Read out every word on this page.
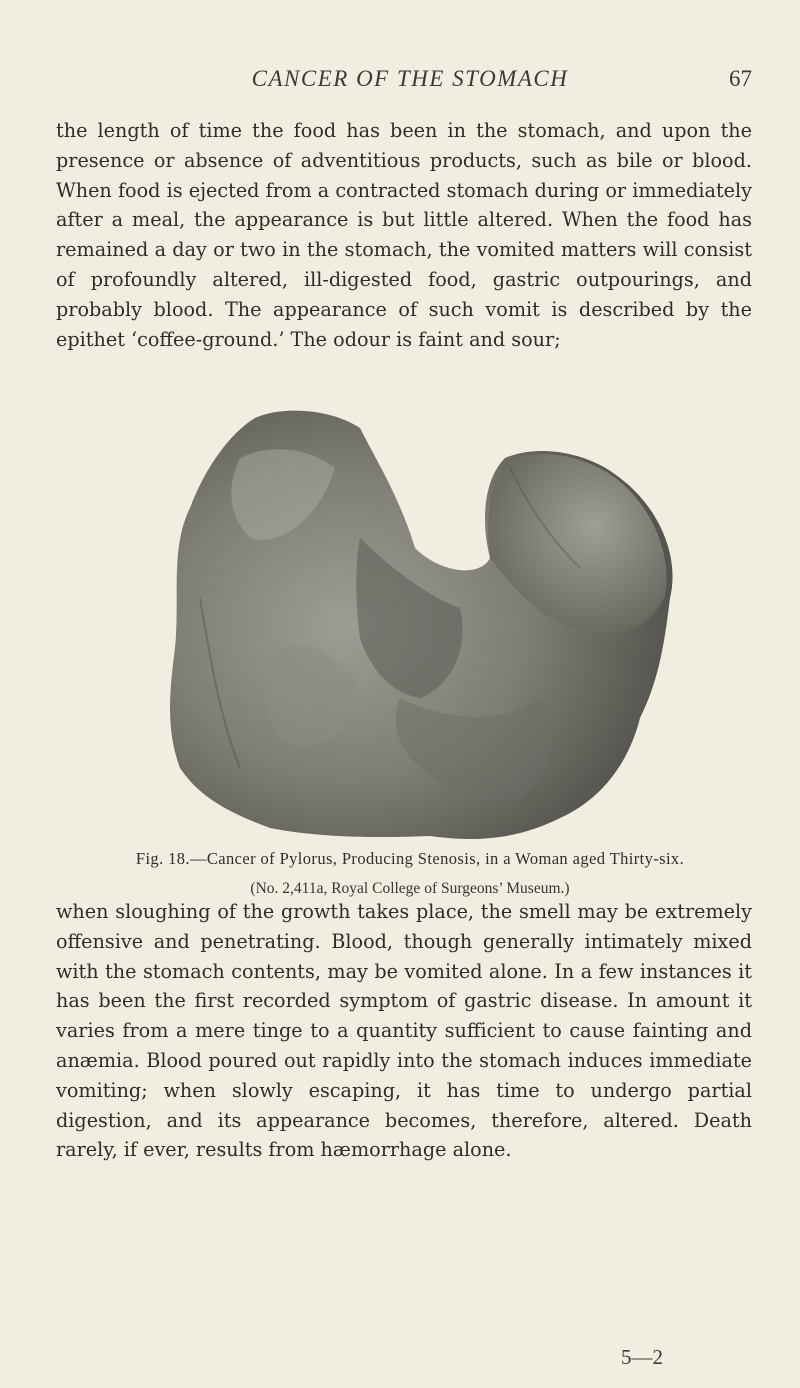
CANCER OF THE STOMACH	67

the length of time the food has been in the stomach, and upon the presence or absence of adventitious products, such as bile or blood. When food is ejected from a contracted stomach during or immediately after a meal, the appearance is but little altered. When the food has remained a day or two in the stomach, the vomited matters will consist of profoundly altered, ill-digested food, gastric outpourings, and probably blood. The appearance of such vomit is described by the epithet ‘coffee-ground.’ The odour is faint and sour;

Fig. 18.—Cancer of Pylorus, Producing Stenosis, in a Woman aged Thirty-six.
(No. 2,411a, Royal College of Surgeons’ Museum.)

when sloughing of the growth takes place, the smell may be extremely offensive and penetrating. Blood, though generally intimately mixed with the stomach contents, may be vomited alone. In a few instances it has been the first recorded symptom of gastric disease. In amount it varies from a mere tinge to a quantity sufficient to cause fainting and anæmia. Blood poured out rapidly into the stomach induces immediate vomiting; when slowly escaping, it has time to undergo partial digestion, and its appearance becomes, therefore, altered. Death rarely, if ever, results from hæmorrhage alone.

5—2
